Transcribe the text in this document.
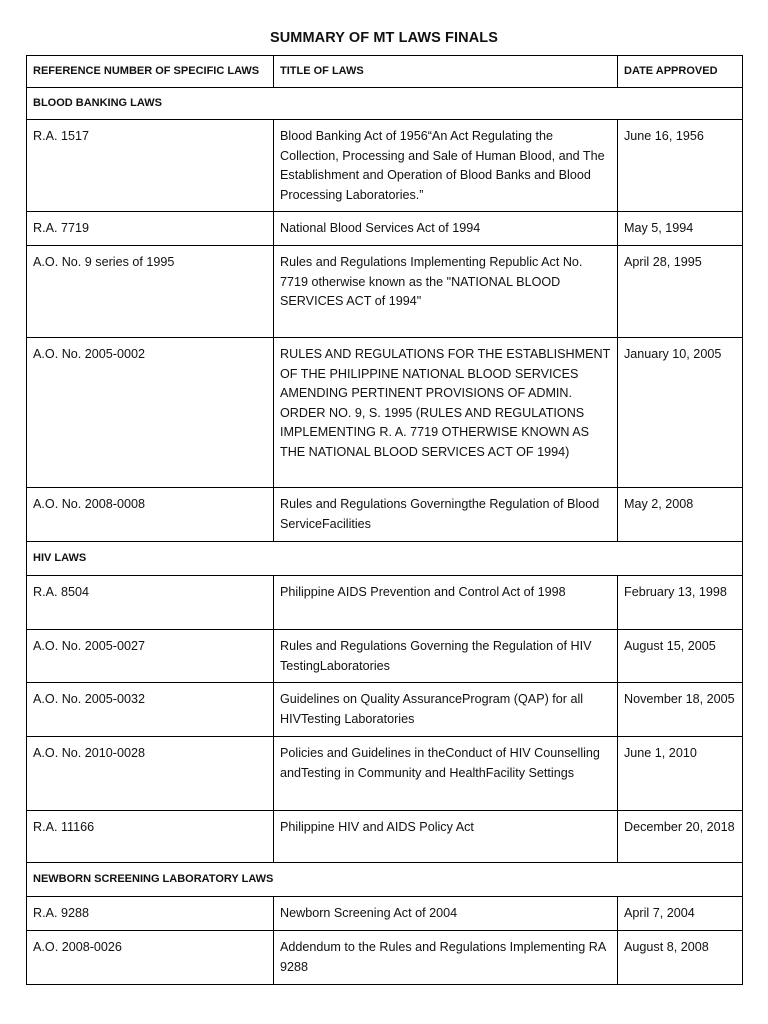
SUMMARY OF MT LAWS FINALS
REFERENCE NUMBER OF SPECIFIC LAWS	TITLE OF LAWS	DATE APPROVED
BLOOD BANKING LAWS		

R.A. 1517	Blood Banking Act of 1956“An Act Regulating the Collection, Processing and Sale of Human Blood, and The Establishment and Operation of Blood Banks and Blood Processing Laboratories.”	June 16, 1956

R.A. 7719	National Blood Services Act of 1994	May 5, 1994

A.O. No. 9 series of 1995	Rules and Regulations Implementing Republic Act No. 7719 otherwise known as the "NATIONAL BLOOD SERVICES ACT of 1994"	April 28, 1995

A.O. No. 2005-0002	RULES AND REGULATIONS FOR THE ESTABLISHMENT OF THE PHILIPPINE NATIONAL BLOOD SERVICES AMENDING PERTINENT PROVISIONS OF ADMIN. ORDER NO. 9, S. 1995 (RULES AND REGULATIONS IMPLEMENTING R. A. 7719 OTHERWISE KNOWN AS THE NATIONAL BLOOD SERVICES ACT OF 1994)	January 10, 2005

A.O. No. 2008-0008	Rules and Regulations Governingthe Regulation of Blood ServiceFacilities	May 2, 2008

HIV LAWS		

R.A. 8504	Philippine AIDS Prevention and Control Act of 1998	February 13, 1998

A.O. No. 2005-0027	Rules and Regulations Governing the Regulation of HIV TestingLaboratories	August 15, 2005

A.O. No. 2005-0032	Guidelines on Quality AssuranceProgram (QAP) for all HIVTesting Laboratories	November 18, 2005

A.O. No. 2010-0028	Policies and Guidelines in theConduct of HIV Counselling andTesting in Community and HealthFacility Settings	June 1, 2010

R.A. 11166	Philippine HIV and AIDS Policy Act	December 20, 2018

NEWBORN SCREENING LABORATORY LAWS		

R.A. 9288	Newborn Screening Act of 2004	April 7, 2004

A.O. 2008-0026	Addendum to the Rules and Regulations Implementing RA 9288	August 8, 2008
